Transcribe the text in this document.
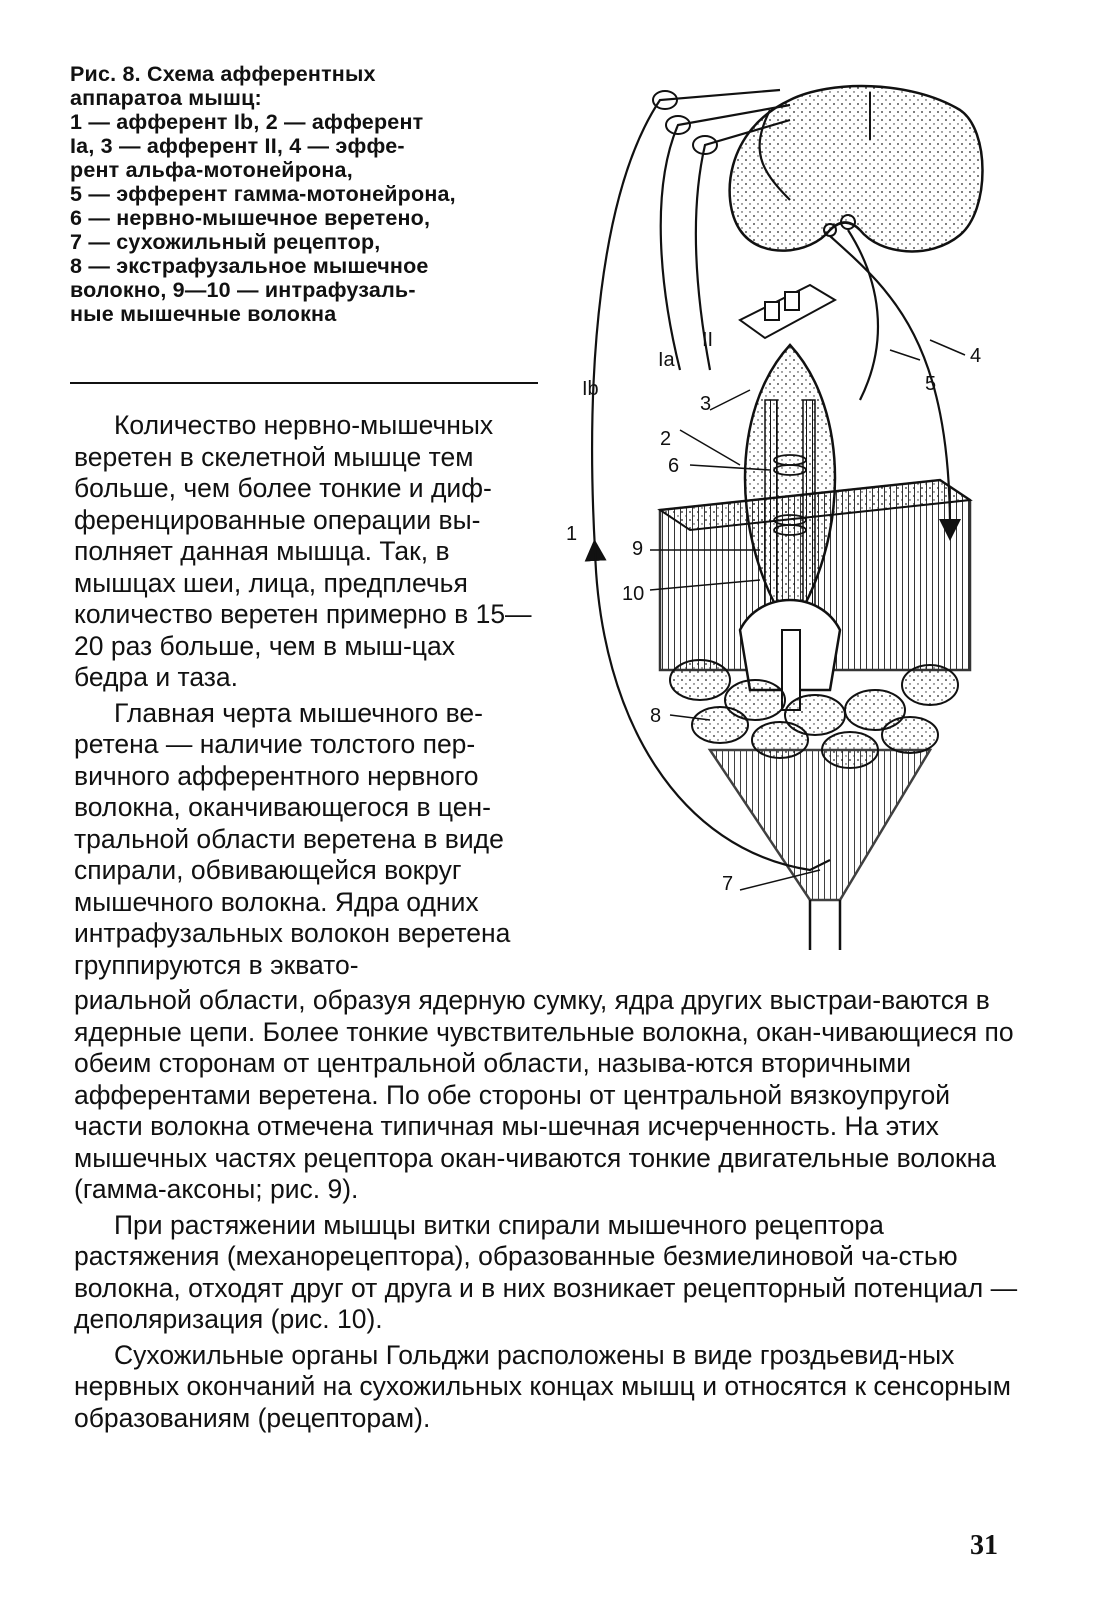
Рис. 8. Схема афферентных
аппаратоа мышц:
1 — афферент Ib, 2 — афферент
Ia, 3 — афферент II, 4 — эффе-
рент альфа-мотонейрона,
5 — эфферент гамма-мотонейрона,
6 — нервно-мышечное веретено,
7 — сухожильный рецептор,
8 — экстрафузальное мышечное
волокно, 9—10 — интрафузаль-
ные мышечные волокна
Ib
Ia
II
1
2
3
4
5
6
9
10
8
7

Количество нервно-мышечных веретен в скелетной мышце тем больше, чем более тонкие и диф-ференцированные операции вы-полняет данная мышца. Так, в мышцах шеи, лица, предплечья количество веретен примерно в 15—20 раз больше, чем в мыш-цах бедра и таза.

Главная черта мышечного ве-ретена — наличие толстого пер-вичного афферентного нервного волокна, оканчивающегося в цен-тральной области веретена в виде спирали, обвивающейся вокруг мышечного волокна. Ядра одних интрафузальных волокон веретена группируются в эквато-

риальной области, образуя ядерную сумку, ядра других выстраи-ваются в ядерные цепи. Более тонкие чувствительные волокна, окан-чивающиеся по обеим сторонам от центральной области, называ-ются вторичными афферентами веретена. По обе стороны от центральной вязкоупругой части волокна отмечена типичная мы-шечная исчерченность. На этих мышечных частях рецептора окан-чиваются тонкие двигательные волокна (гамма-аксоны; рис. 9).

При растяжении мышцы витки спирали мышечного рецептора растяжения (механорецептора), образованные безмиелиновой ча-стью волокна, отходят друг от друга и в них возникает рецепторный потенциал — деполяризация (рис. 10).

Сухожильные органы Гольджи расположены в виде гроздьевид-ных нервных окончаний на сухожильных концах мышц и относятся к сенсорным образованиям (рецепторам).

31
